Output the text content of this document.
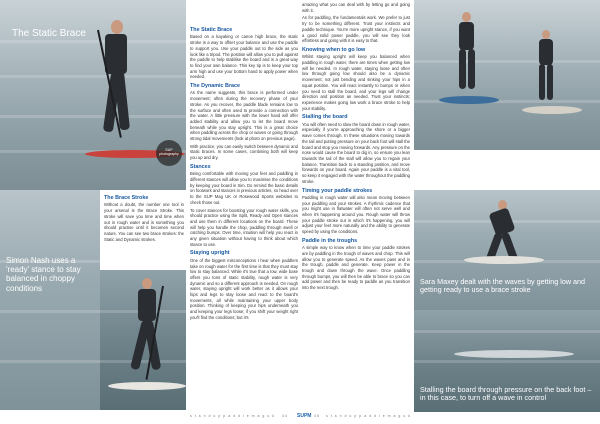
The Static Brace
SUP photography
The Brace Stroke

Without a doubt, the number one tool in your arsenal is the Brace Stroke. This stroke will save you time and time when out in rough water and is something you should practise until it becomes second nature. You can see two brace strokes: the Static and Dynamic strokes.

Simon Nash uses a 'ready' stance to stay balanced in choppy conditions
The Static Brace

Based on a kayaking or canoe high brace, the static stroke is a way to offset your balance and use the paddle to support you. Use your paddle out to the side as you look like a tripod. The position will allow you to pull against the paddle to help stabilise the board and is a great way to find your own balance. This key tip is to keep your top arm high and use your bottom hand to apply power when needed.

The Dynamic Brace

As the name suggests, this brace is performed under movement; often during the recovery phase of your stroke. As you recover, the paddle blade remains low to the surface and often used to provide a connection with the water. A little pressure with the lower hand will offer added stability and allow you to let the board move beneath while you stay upright. This is a great choice when paddling across the chop or waves or going through strong tidal movements (look at photo on previous page).

With practice, you can easily switch between dynamic and static braces. In some cases, combining both will keep you up and dry.

Stances

Being comfortable with moving your feet and paddling in different stances will allow you to maximise the conditions by keeping your board in trim. Do remind the basic details on footwork and stances in previous articles, so head over to the SUP Mag UK or Rosewood Sports websites to check those out.

To cover stances for boosting your rough water skills, you should practice using the Split, Ready and Open stances and use them in different locations on the board. These will help you handle the chop, paddling through swell or catching bumps. Over time, intuition will help you react in any given situation without having to think about which stance to use.

Staying upright

One of the biggest misconceptions I hear when paddlers take on rough water for the first time is that they must stay low to stay balanced. While it's true that a low, wide base offers you tons of static stability, rough water is very dynamic and so a different approach is needed. On rough water, staying upright will work better as it allows your hips and legs to stay loose and react to the board's movements, all while maintaining your upper body position. Thinking of keeping your hips underneath you and keeping your legs loose; if you shift your weight right you'll find the conditions; but it's

amazing what you can deal with by letting go and going with it.

As for paddling, the fundamentals work. We prefer to just try to be something different. Trust your instincts and paddle technique. You're more upright stance, if you want a good solid power paddle, you will see they look effortless and going with it is easy to that.

Knowing when to go low

Whilst staying upright will keep you balanced when paddling in rough water, there are times when getting low will be needed. In rough water, staying loose and often low through going low should also be a dynamic movement; not just bending and sinking your hips in a squat position. You will react instantly to bumps or when you need to stall the board, and your legs will change direction and position as needed. Trust your instincts; experience makes going low work a brace stroke to help your stability.

Stalling the board

You will often need to slow the board down in rough water, especially if you're approaching the shore or a bigger wave comes through. In these situations moving towards the tail and putting pressure on your back foot will stall the board and stop you moving forwards. Any pressure on the nose would cause the board to dig in, so ensure you lean towards the tail of the stall will allow you to regain your balance. Transition back to a standing position, and move forwards on your board. Again your paddle is a vital tool, so keep it engaged with the water throughout the paddling stroke.

Timing your paddle strokes

Paddling in rough water will also mean moving between your paddling and your strokes. A rhythmic cadence that you might use in flatwater will often not serve well and when it's happening around you. Rough water will throw your paddle stroke out in which it's happening, you will adjust your feet more naturally and the ability to generate speed by using the conditions.

Paddle in the troughs

A simple way to know when to time your paddle strokes are by paddling in the trough of waves and chop. This will allow you to generate speed. As the waves pass and in the trough, paddle and generate. Keep power in the trough and down through the wave. Once paddling through bumps, you will then be able to brace so you can add power and then be ready to paddle as you transition into the next trough.

Lauren Newman-Warren and Simon Nash look comfortable in choppy conditions
Sara Maxey dealt with the waves by getting low and getting ready to use a brace stroke
Stalling the board through pressure on the back foot – in this case, to turn off a wave in control
s t a n d u p p a d d l e m a g u k 44 SUPM 45 s t a n d u p p a d d l e m a g u k
